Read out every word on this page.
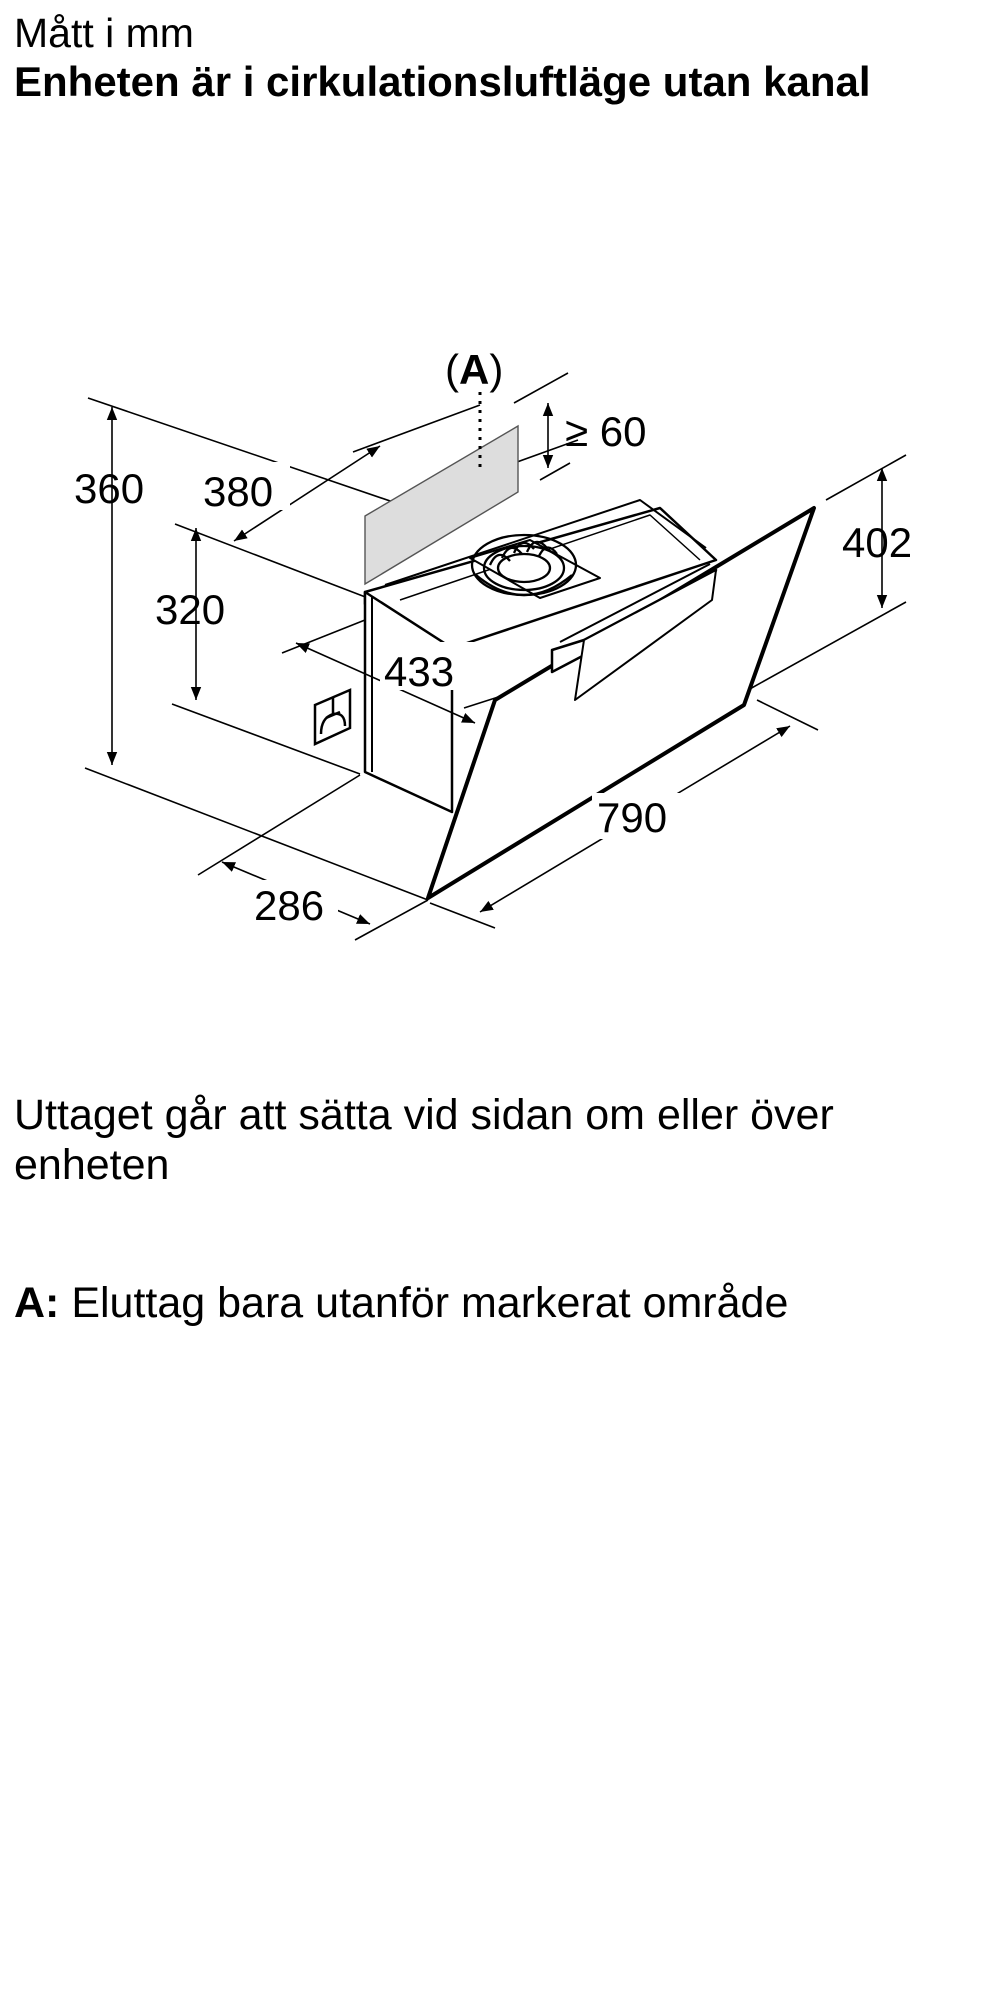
Mått i mm
Enheten är i cirkulationsluftläge utan kanal
(A)
360 380
320
433
286
790
402
≥ 60
Uttaget går att sätta vid sidan om eller över enheten
A: Eluttag bara utanför markerat område
